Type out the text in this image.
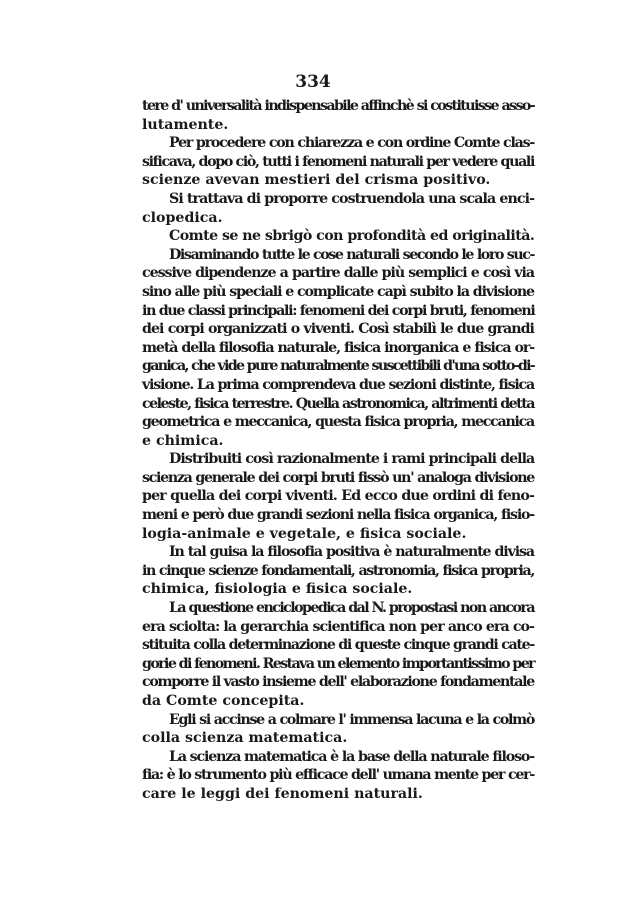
334
tere d' universalità indispensabile affinchè si costituisse asso-
lutamente.
Per procedere con chiarezza e con ordine Comte clas-
sificava, dopo ciò, tutti i fenomeni naturali per vedere quali
scienze avevan mestieri del crisma positivo.
Si trattava di proporre costruendola una scala enci-
clopedica.
Comte se ne sbrigò con profondità ed originalità.
Disaminando tutte le cose naturali secondo le loro suc-
cessive dipendenze a partire dalle più semplici e così via
sino alle più speciali e complicate capì subito la divisione
in due classi principali: fenomeni dei corpi bruti, fenomeni
dei corpi organizzati o viventi. Così stabilì le due grandi
metà della filosofia naturale, fisica inorganica e fisica or-
ganica, che vide pure naturalmente suscettibili d'una sotto-di-
visione. La prima comprendeva due sezioni distinte, fisica
celeste, fisica terrestre. Quella astronomica, altrimenti detta
geometrica e meccanica, questa fisica propria, meccanica
e chimica.
Distribuiti così razionalmente i rami principali della
scienza generale dei corpi bruti fissò un' analoga divisione
per quella dei corpi viventi. Ed ecco due ordini di feno-
meni e però due grandi sezioni nella fisica organica, fisio-
logia-animale e vegetale, e fisica sociale.
In tal guisa la filosofia positiva è naturalmente divisa
in cinque scienze fondamentali, astronomia, fisica propria,
chimica, fisiologia e fisica sociale.
La questione enciclopedica dal N. propostasi non ancora
era sciolta: la gerarchia scientifica non per anco era co-
stituita colla determinazione di queste cinque grandi cate-
gorie di fenomeni. Restava un elemento importantissimo per
comporre il vasto insieme dell' elaborazione fondamentale
da Comte concepita.
Egli si accinse a colmare l' immensa lacuna e la colmò
colla scienza matematica.
La scienza matematica è la base della naturale filoso-
fia: è lo strumento più efficace dell' umana mente per cer-
care le leggi dei fenomeni naturali.
